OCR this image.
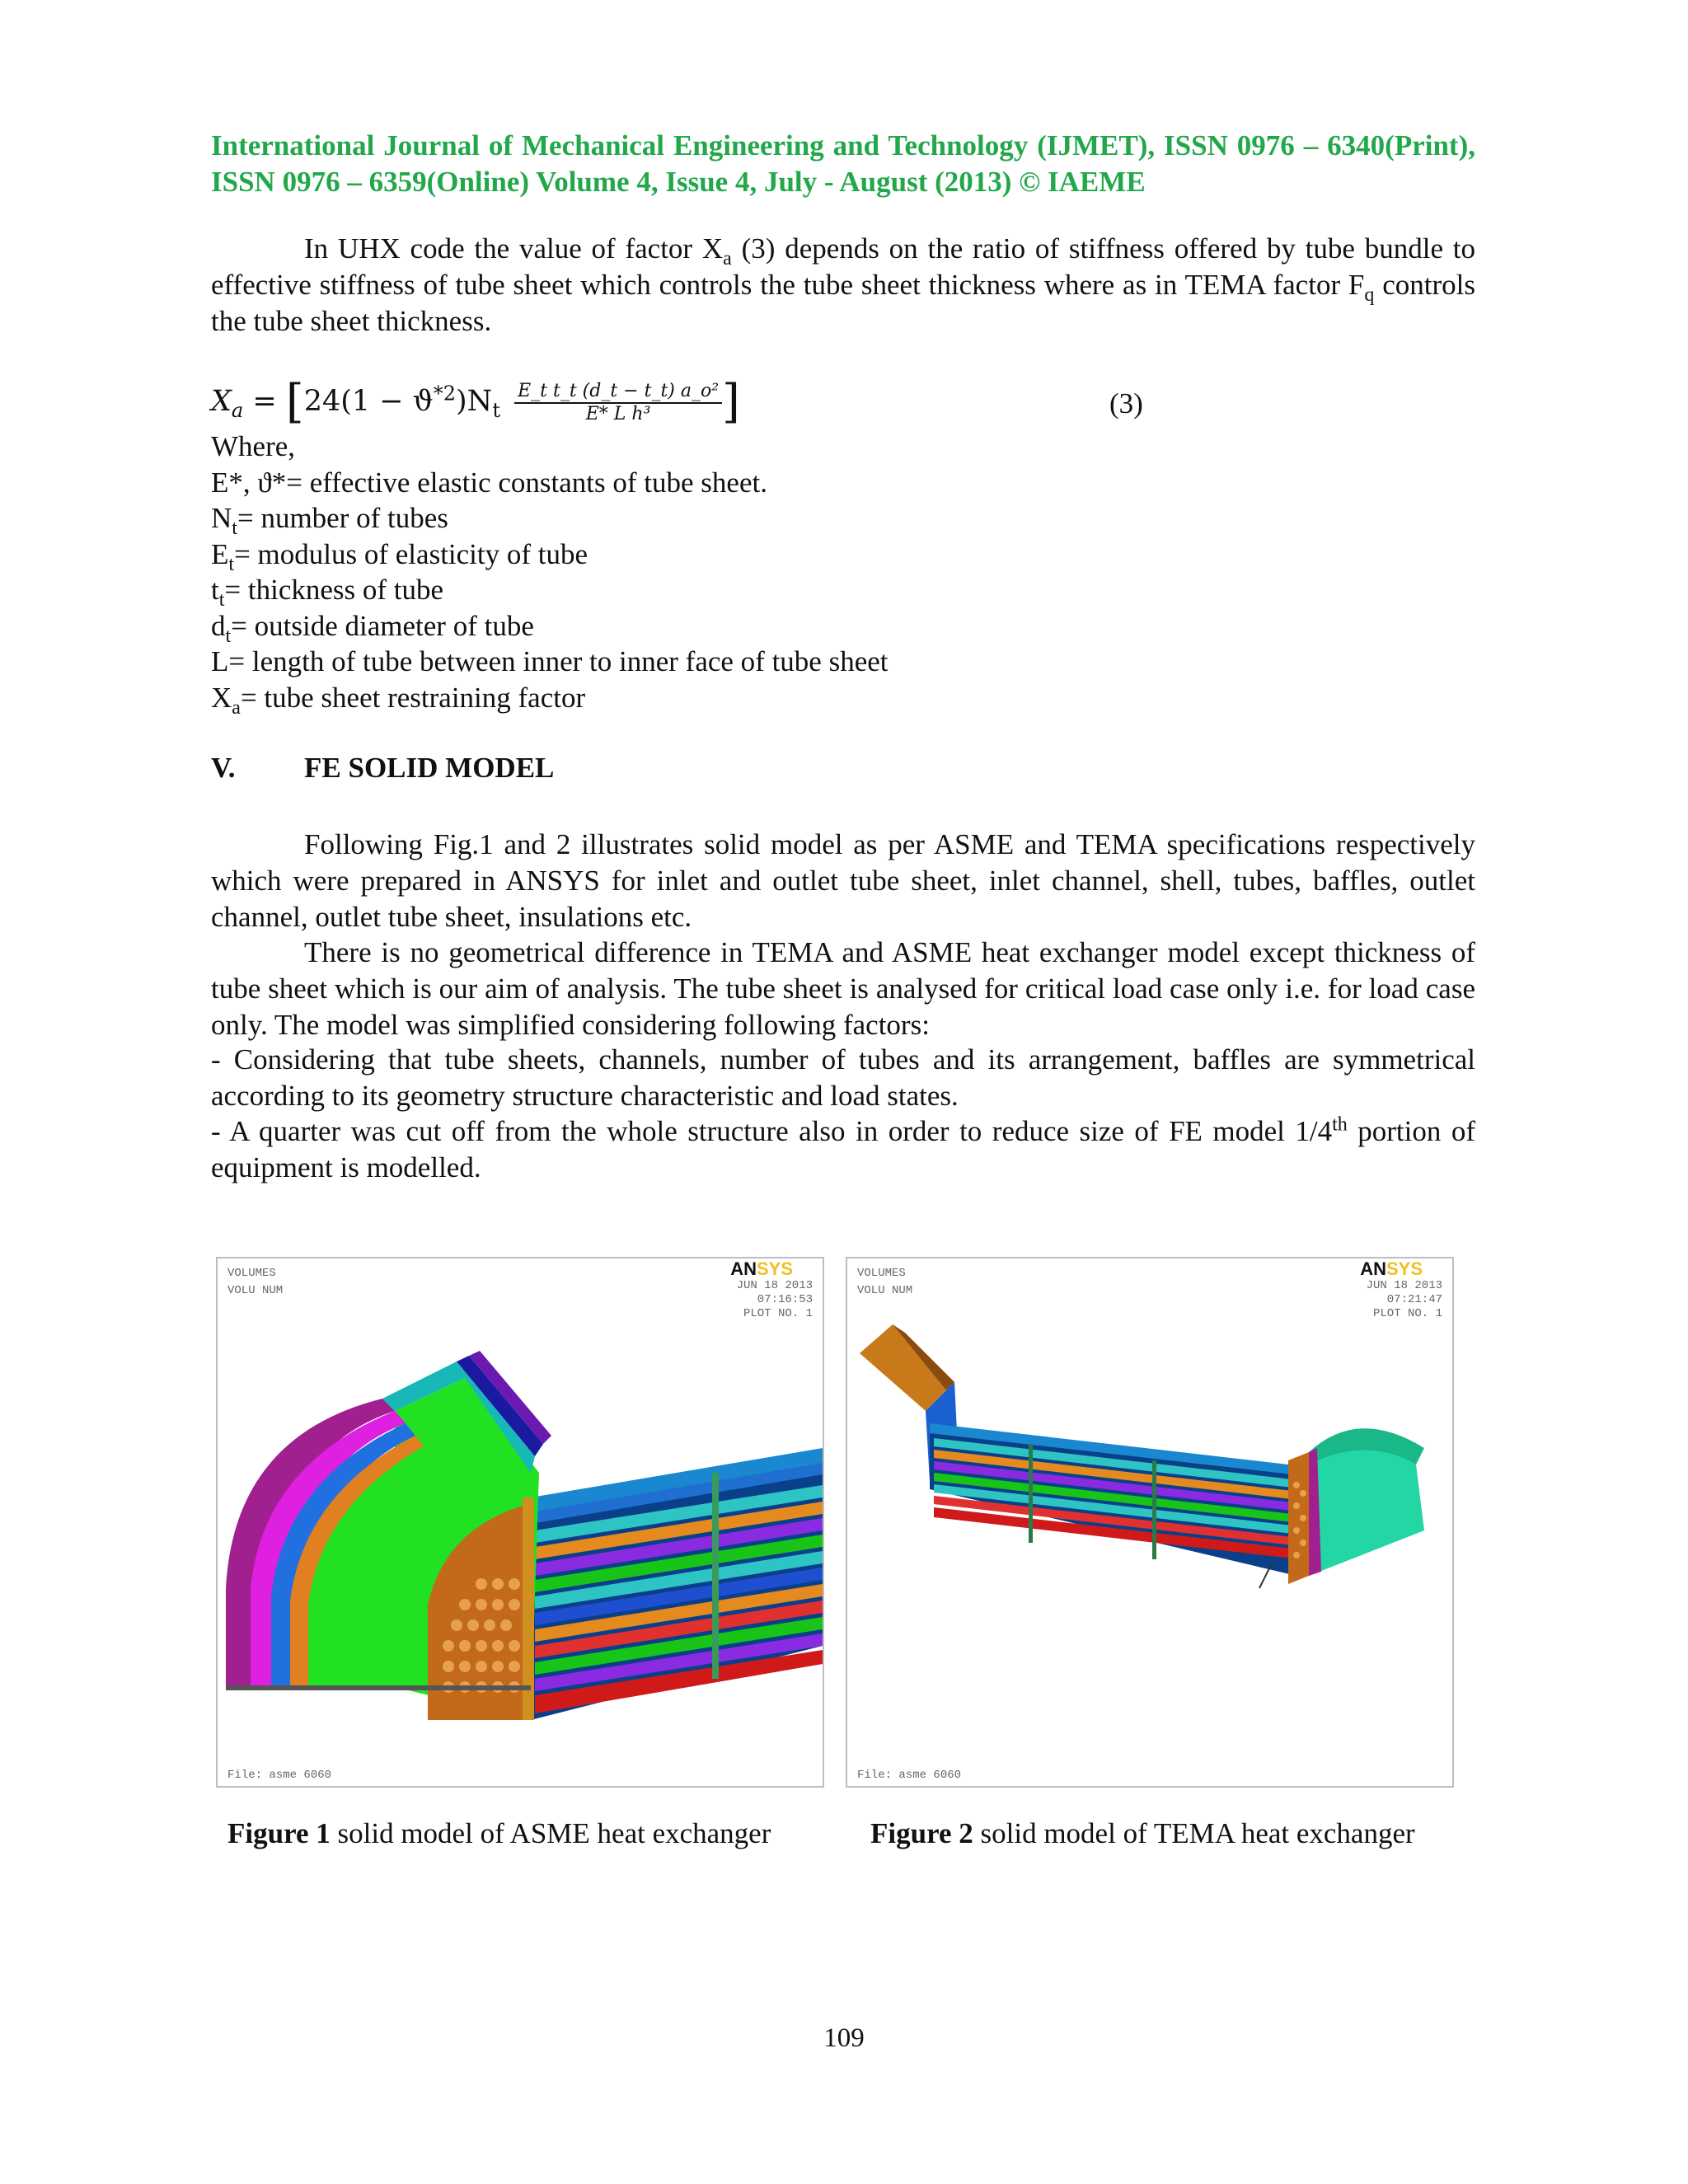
International Journal of Mechanical Engineering and Technology (IJMET), ISSN 0976 – 6340(Print), ISSN 0976 – 6359(Online) Volume 4, Issue 4, July - August (2013) © IAEME
In UHX code the value of factor $X_a$ (3) depends on the ratio of stiffness offered by tube bundle to effective stiffness of tube sheet which controls the tube sheet thickness where as in TEMA factor $F_q$ controls the tube sheet thickness.
$X_a = [24(1 - ϑ^{*2})N_t \frac{\text{E\_t t\_t (d\_t − t\_t) a\_o²}}{\text{E* L h³}}$ ]	(3)
Where,
E*, ϑ*= effective elastic constants of tube sheet.
$N_t=$ number of tubes
$E_t=$ modulus of elasticity of tube
$t_t=$ thickness of tube
$d_t=$ outside diameter of tube
L= length of tube between inner to inner face of tube sheet
$X_a=$ tube sheet restraining factor
V. FE SOLID MODEL
Following Fig.1 and 2 illustrates solid model as per ASME and TEMA specifications respectively which were prepared in ANSYS for inlet and outlet tube sheet, inlet channel, shell, tubes, baffles, outlet channel, outlet tube sheet, insulations etc.
There is no geometrical difference in TEMA and ASME heat exchanger model except thickness of tube sheet which is our aim of analysis. The tube sheet is analysed for critical load case only i.e. for load case only. The model was simplified considering following factors:
- Considering that tube sheets, channels, number of tubes and its arrangement, baffles are symmetrical according to its geometry structure characteristic and load states.
- A quarter was cut off from the whole structure also in order to reduce size of FE model 1/4th portion of equipment is modelled.
VOLUMES
VOLU NUM	JUN 18 2013
07:16:53
PLOT NO. 1
ANSYS
File: asme 6060
VOLUMES
VOLU NUM	JUN 18 2013
07:21:47
PLOT NO. 1
ANSYS
File: asme 6060
Figure 1 solid model of ASME heat exchanger	Figure 2 solid model of TEMA heat exchanger
109
